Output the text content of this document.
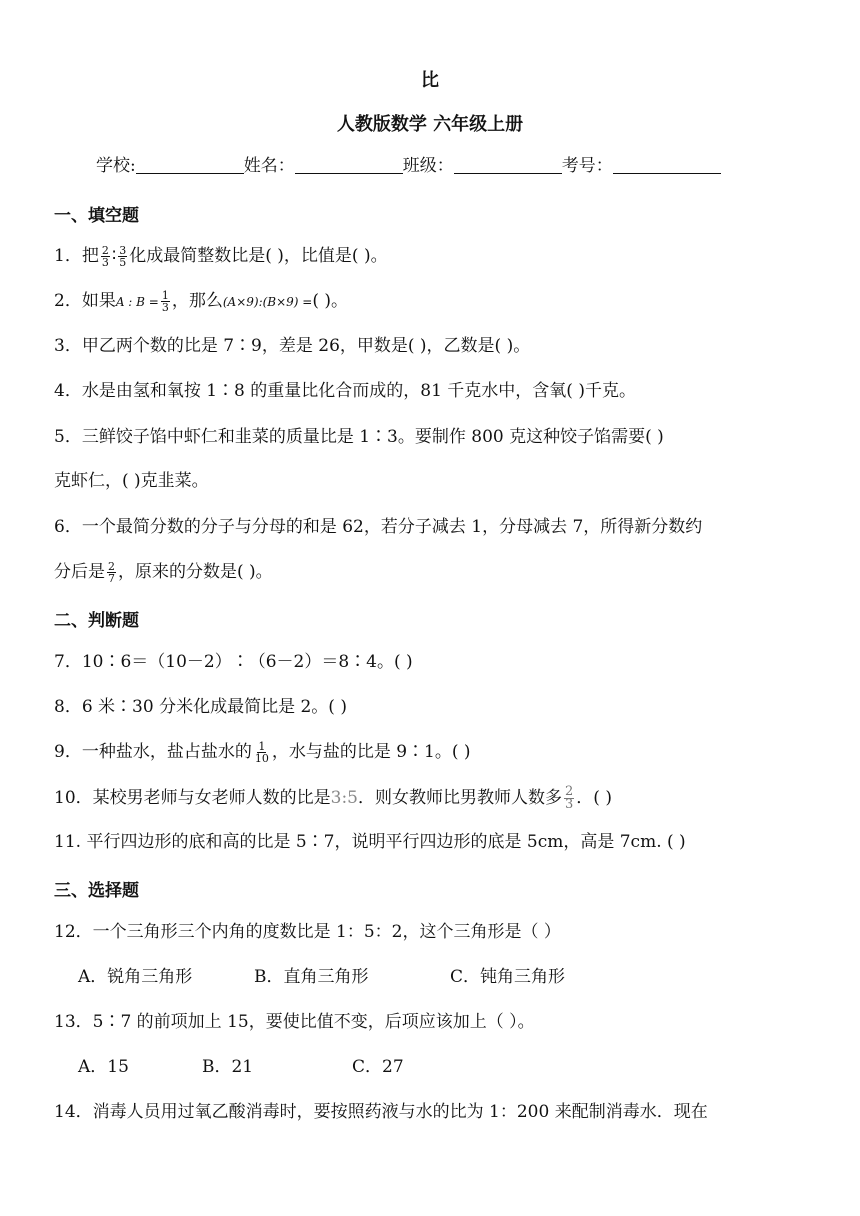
比
人教版数学 六年级上册
学校:	姓名：	班级：	考号：
一、填空题
1．把 $\frac{2}{3}$ ∶ $\frac{3}{5}$ 化成最简整数比是( )，比值是( )。
2．如果A : $B = \frac{1}{3}$ ，那么(A×9):(B×9) =( )。
3．甲乙两个数的比是 7∶9，差是 26，甲数是( )，乙数是( )。
4．水是由氢和氧按 1∶8 的重量比化合而成的，81 千克水中，含氧( )千克。
5．三鲜饺子馅中虾仁和韭菜的质量比是 1∶3。要制作 800 克这种饺子馅需要( )
克虾仁，( )克韭菜。
6．一个最简分数的分子与分母的和是 62，若分子减去 1，分母减去 7，所得新分数约
分后是 $\frac{2}{7}$ ，原来的分数是( )。
二、判断题
7．10∶6＝（10－2）∶（6－2）＝8∶4。( )
8．6 米∶30 分米化成最简比是 2。( )
9．一种盐水，盐占盐水的 $\frac{1}{10}$ ，水与盐的比是 9∶1。( )
10．某校男老师与女老师人数的比是3:5．则女教师比男教师人数多 $\frac{2}{3}$ ．( )
11. 平行四边形的底和高的比是 5∶7，说明平行四边形的底是 5cm，高是 7cm. ( )
三、选择题
12．一个三角形三个内角的度数比是 1：5：2，这个三角形是（ ）
A．锐角三角形	B．直角三角形	C．钝角三角形
13．5∶7 的前项加上 15，要使比值不变，后项应该加上（ ）。
A．15	B．21	C．27
14．消毒人员用过氧乙酸消毒时，要按照药液与水的比为 1：200 来配制消毒水．现在
